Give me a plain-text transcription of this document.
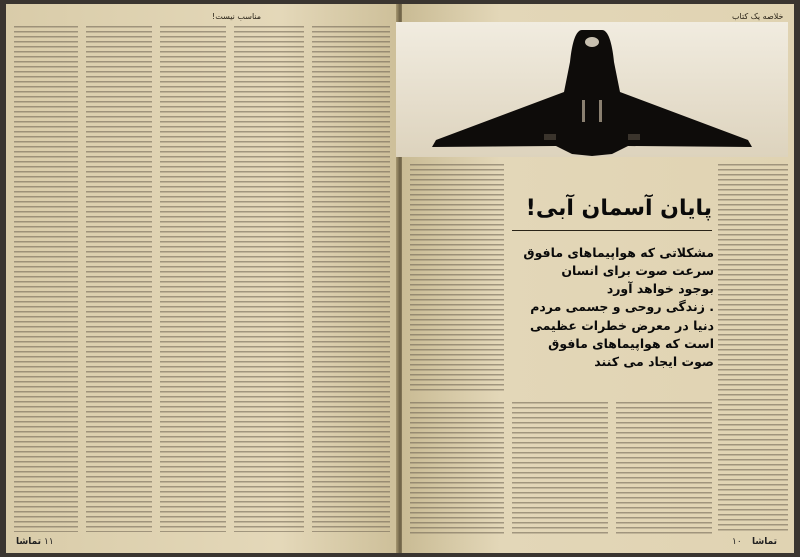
مناسب نیست!
تماشا ۱۱
خلاصه یک کتاب
پایان آسمان آبی!
مشکلاتی که هواپیماهای مافوق
سرعت صوت برای انسان
بوجود خواهد آورد
. زندگی روحی و جسمی مردم
دنیا در معرض خطرات عظیمی
است که هواپیماهای مافوق
صوت ایجاد می کنند
۱۰ تماشا
